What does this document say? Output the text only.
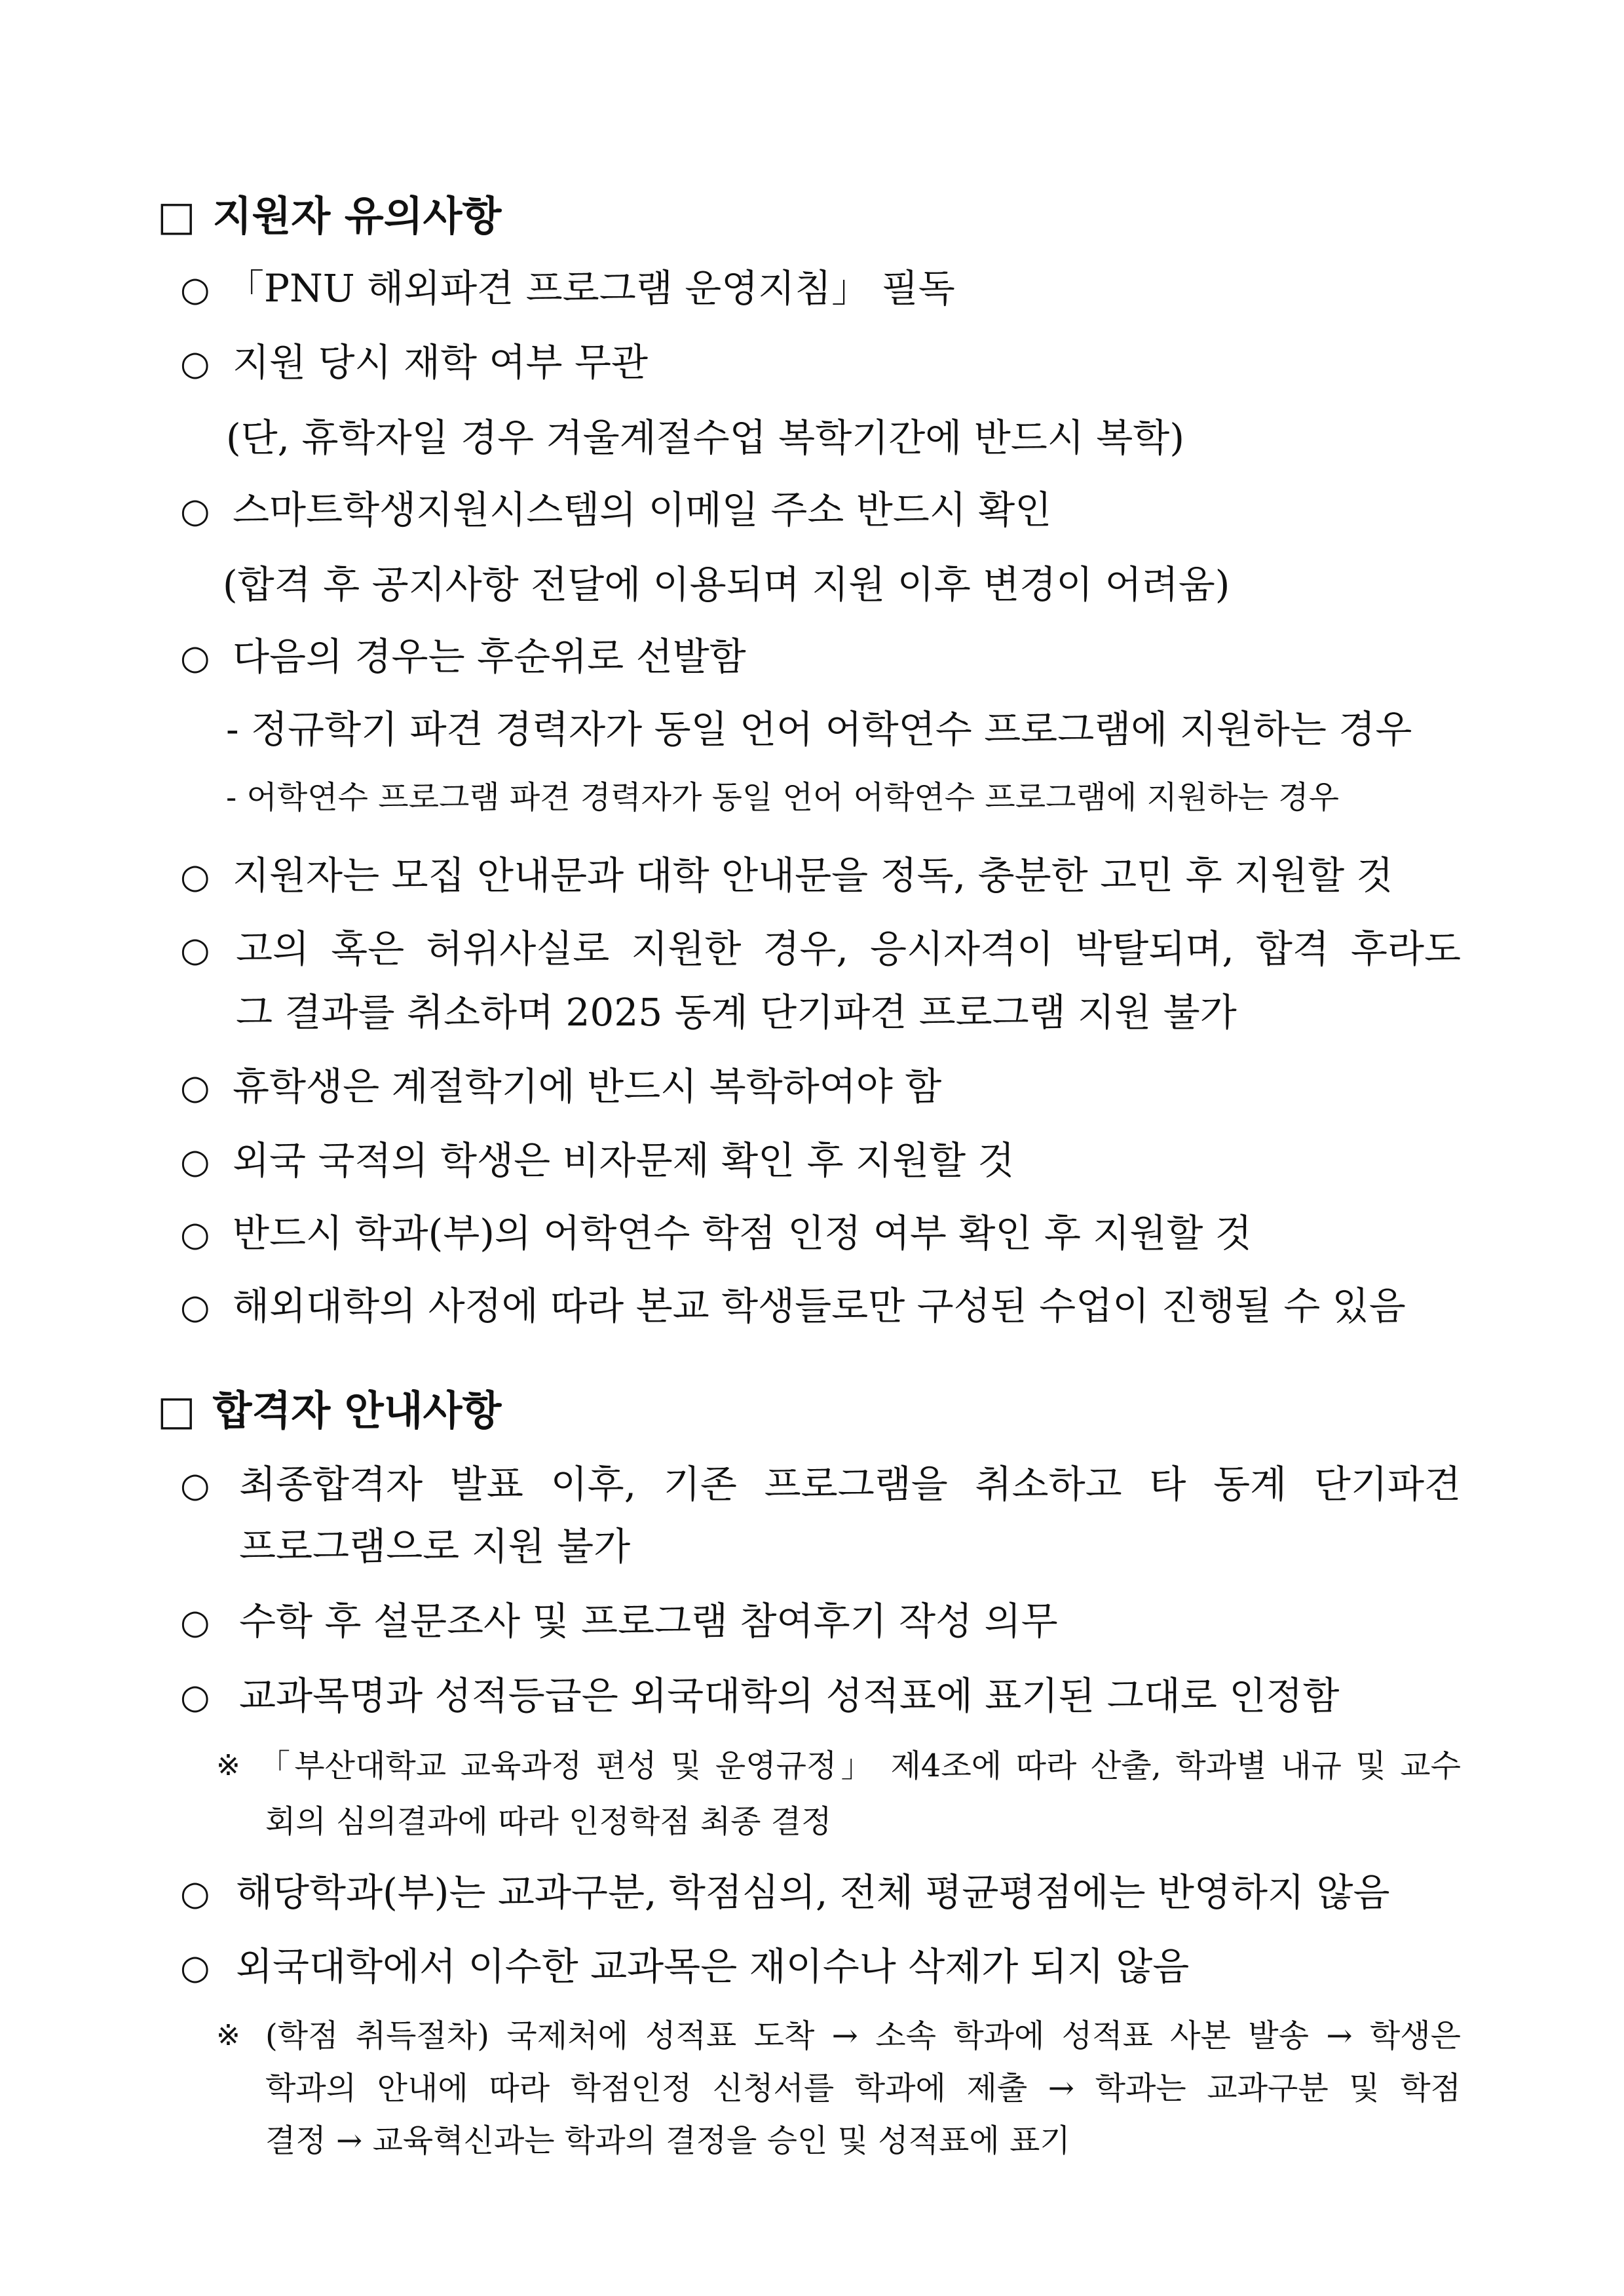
□ 지원자 유의사항
○ 「PNU 해외파견 프로그램 운영지침」 필독
○ 지원 당시 재학 여부 무관
(단, 휴학자일 경우 겨울계절수업 복학기간에 반드시 복학)
○ 스마트학생지원시스템의 이메일 주소 반드시 확인
(합격 후 공지사항 전달에 이용되며 지원 이후 변경이 어려움)
○ 다음의 경우는 후순위로 선발함
- 정규학기 파견 경력자가 동일 언어 어학연수 프로그램에 지원하는 경우
- 어학연수 프로그램 파견 경력자가 동일 언어 어학연수 프로그램에 지원하는 경우
○ 지원자는 모집 안내문과 대학 안내문을 정독, 충분한 고민 후 지원할 것
○ 고의 혹은 허위사실로 지원한 경우, 응시자격이 박탈되며, 합격 후라도
그 결과를 취소하며 2025 동계 단기파견 프로그램 지원 불가
○ 휴학생은 계절학기에 반드시 복학하여야 함
○ 외국 국적의 학생은 비자문제 확인 후 지원할 것
○ 반드시 학과(부)의 어학연수 학점 인정 여부 확인 후 지원할 것
○ 해외대학의 사정에 따라 본교 학생들로만 구성된 수업이 진행될 수 있음
□ 합격자 안내사항
○ 최종합격자 발표 이후, 기존 프로그램을 취소하고 타 동계 단기파견
프로그램으로 지원 불가
○ 수학 후 설문조사 및 프로그램 참여후기 작성 의무
○ 교과목명과 성적등급은 외국대학의 성적표에 표기된 그대로 인정함
※ 「부산대학교 교육과정 편성 및 운영규정」 제4조에 따라 산출, 학과별 내규 및 교수
회의 심의결과에 따라 인정학점 최종 결정
○ 해당학과(부)는 교과구분, 학점심의, 전체 평균평점에는 반영하지 않음
○ 외국대학에서 이수한 교과목은 재이수나 삭제가 되지 않음
※ (학점 취득절차) 국제처에 성적표 도착 → 소속 학과에 성적표 사본 발송 → 학생은
학과의 안내에 따라 학점인정 신청서를 학과에 제출 → 학과는 교과구분 및 학점
결정 → 교육혁신과는 학과의 결정을 승인 및 성적표에 표기
